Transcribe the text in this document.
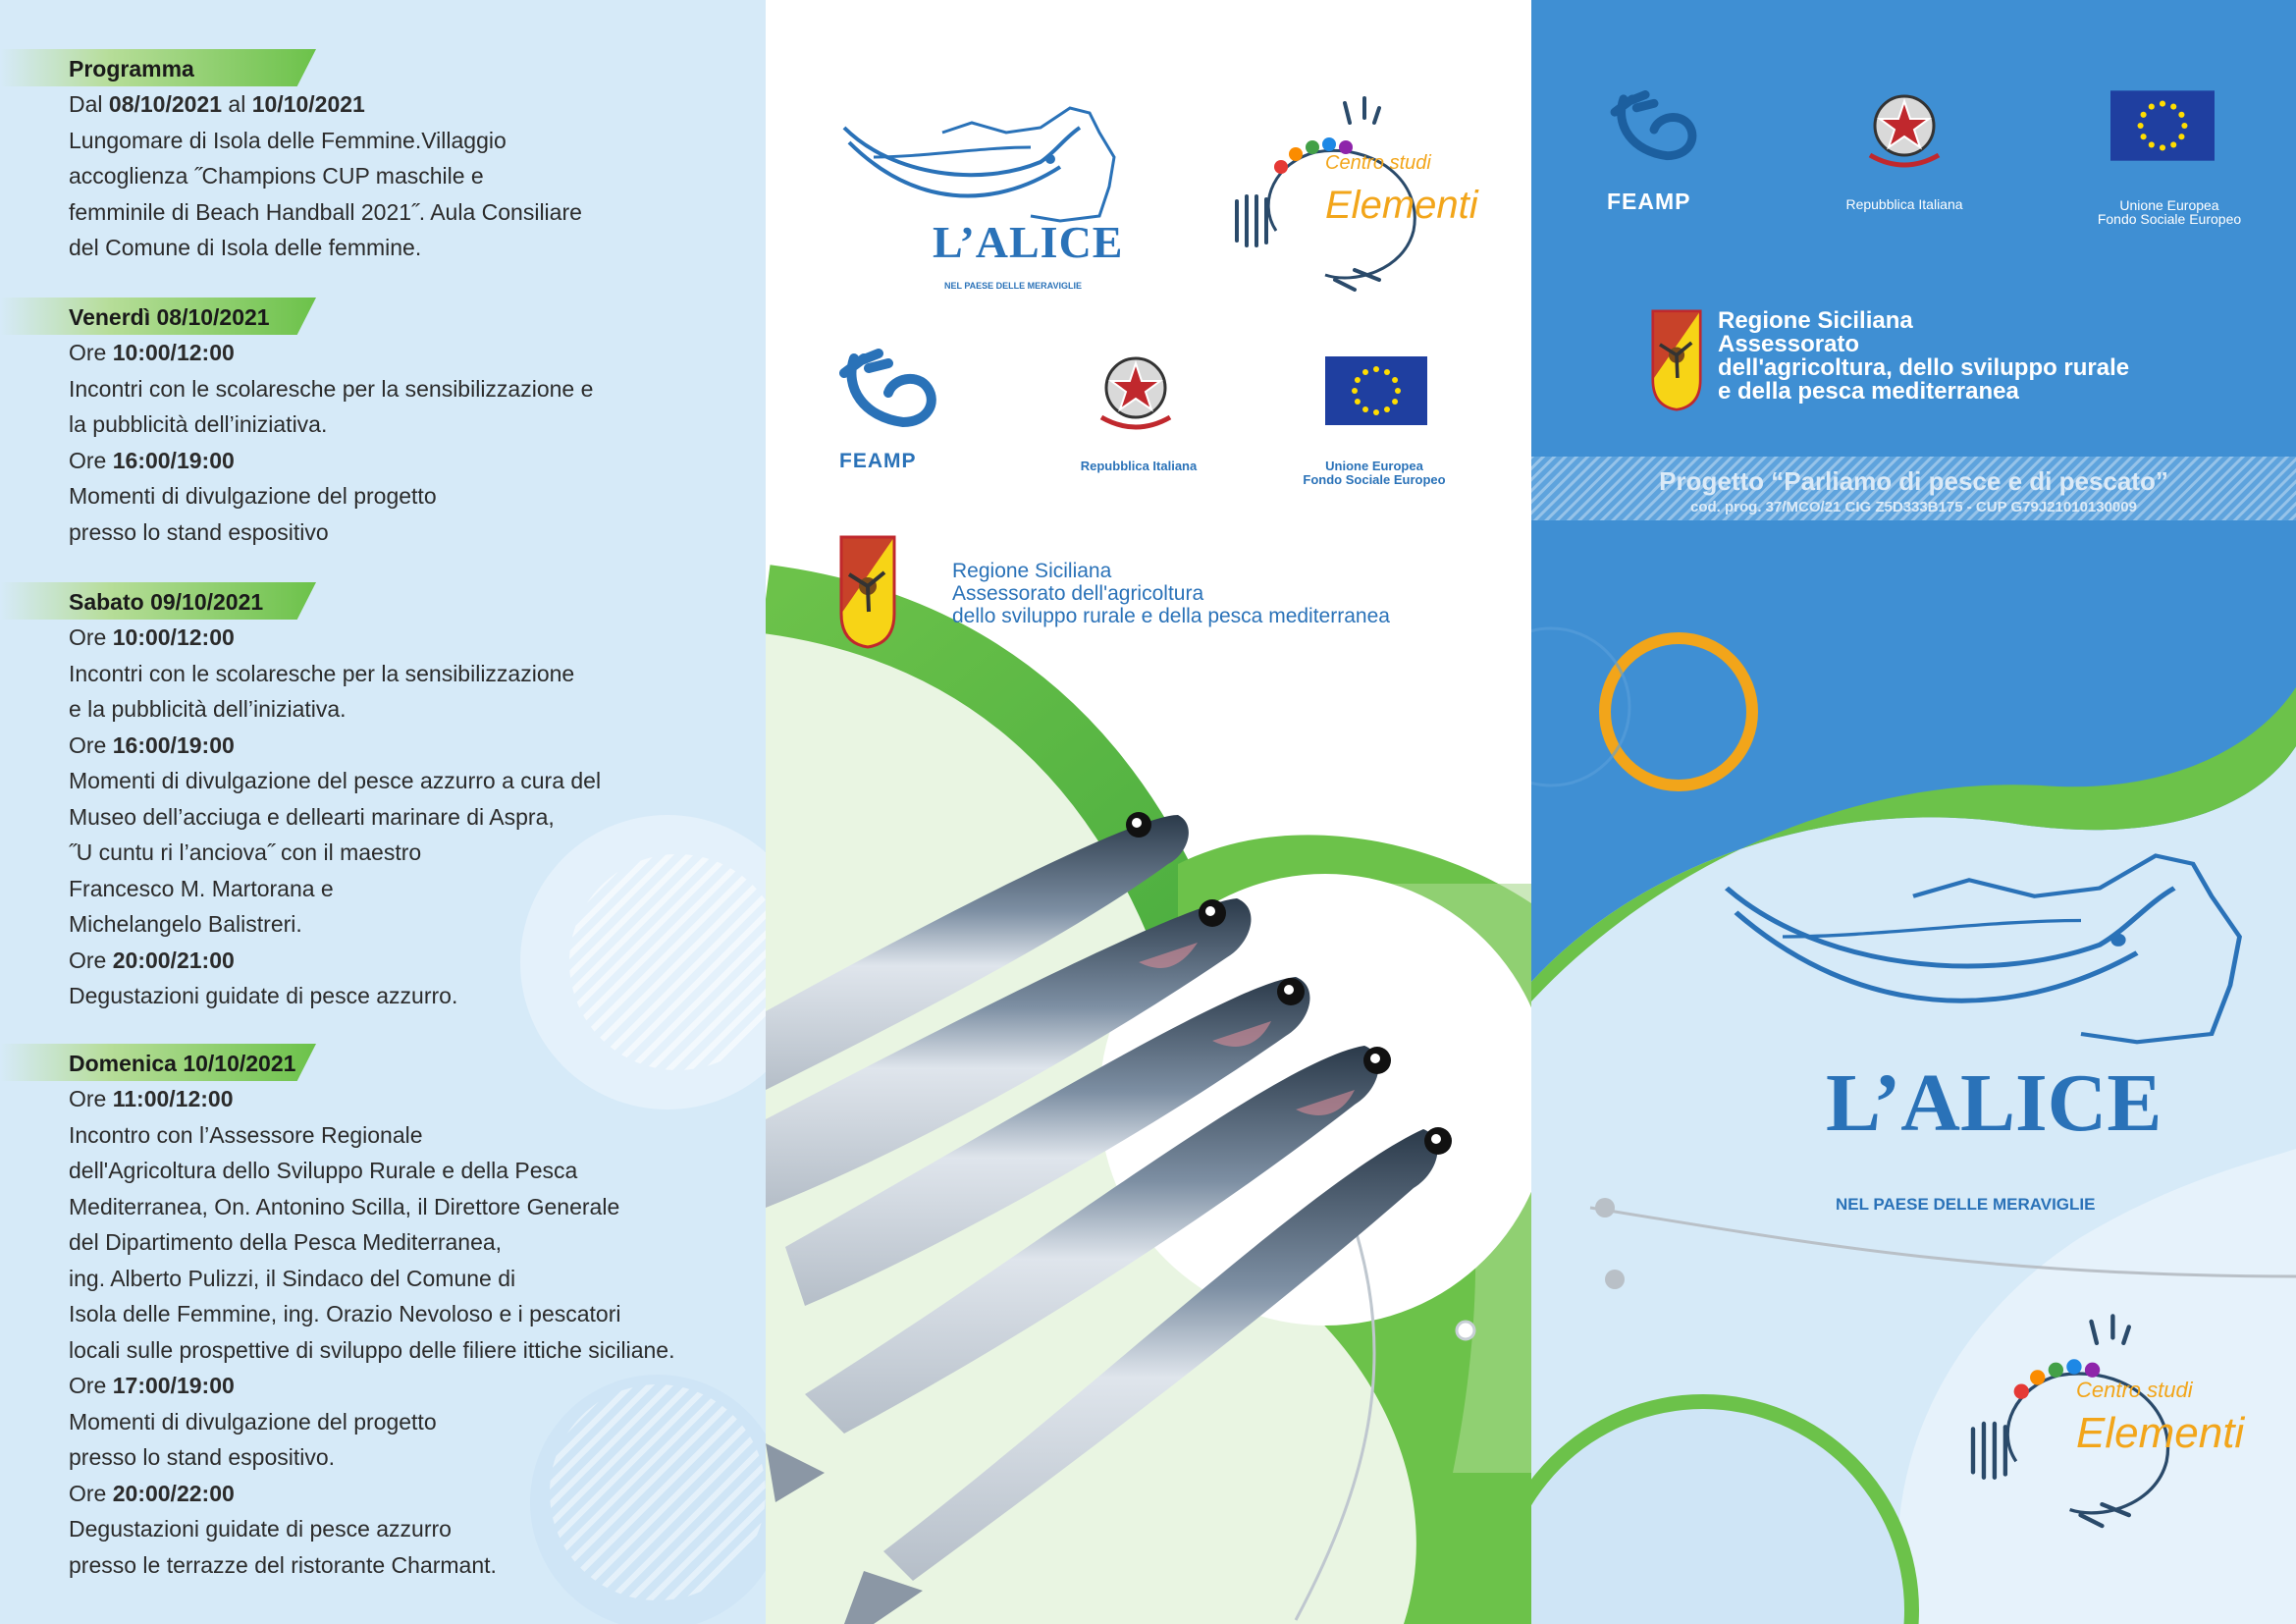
Programma
Dal 08/10/2021 al 10/10/2021
Lungomare di Isola delle Femmine.Villaggio
accoglienza ˝Champions CUP maschile e
femminile di Beach Handball 2021˝. Aula Consiliare
del Comune di Isola delle femmine.
Venerdì 08/10/2021
Ore 10:00/12:00
Incontri con le scolaresche per la sensibilizzazione e
la pubblicità dell’iniziativa.
Ore 16:00/19:00
Momenti di divulgazione del progetto
presso lo stand espositivo
Sabato 09/10/2021
Ore 10:00/12:00
Incontri con le scolaresche per la sensibilizzazione
e la pubblicità dell’iniziativa.
Ore 16:00/19:00
Momenti di divulgazione del pesce azzurro a cura del
Museo dell’acciuga e dellearti marinare di Aspra,
˝U cuntu ri l’anciova˝ con il maestro
Francesco M. Martorana e
Michelangelo Balistreri.
Ore 20:00/21:00
Degustazioni guidate di pesce azzurro.
Domenica 10/10/2021
Ore 11:00/12:00
Incontro con l’Assessore Regionale
dell'Agricoltura dello Sviluppo Rurale e della Pesca
Mediterranea, On. Antonino Scilla, il Direttore Generale
del Dipartimento della Pesca Mediterranea,
ing. Alberto Pulizzi, il Sindaco del Comune di
Isola delle Femmine, ing. Orazio Nevoloso e i pescatori
locali sulle prospettive di sviluppo delle filiere ittiche siciliane.
Ore 17:00/19:00
Momenti di divulgazione del progetto
presso lo stand espositivo.
Ore 20:00/22:00
Degustazioni guidate di pesce azzurro
presso le terrazze del ristorante Charmant.
L’ALICE
NEL PAESE DELLE MERAVIGLIE
Centro studi
Elementi
FEAMP	Repubblica Italiana	Unione Europea
Fondo Sociale Europeo
Regione Siciliana
Assessorato dell'agricoltura
dello sviluppo rurale e della pesca mediterranea
FEAMP	Repubblica Italiana	Unione Europea
Fondo Sociale Europeo
Regione Siciliana
Assessorato
dell'agricoltura, dello sviluppo rurale
e della pesca mediterranea
Progetto “Parliamo di pesce e di pescato”
cod. prog. 37/MCO/21 CIG Z5D333B175 - CUP G79J21010130009
L’ALICE
NEL PAESE DELLE MERAVIGLIE
Centro studi
Elementi
